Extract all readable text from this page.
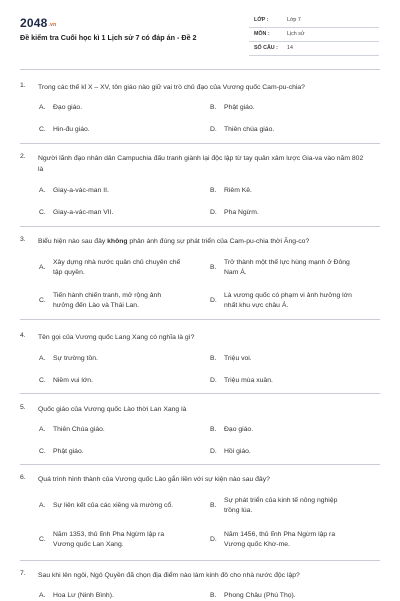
2048.vn
Đề kiểm tra Cuối học kì 1 Lịch sử 7 có đáp án - Đề 2
LỚP :	Lớp 7
MÔN :	Lịch sử
SỐ CÂU : 14
1. Trong các thế kỉ X – XV, tôn giáo nào giữ vai trò chủ đạo của Vương quốc Cam-pu-chia?
A. Đạo giáo.	B. Phật giáo.
C. Hin-đu giáo.	D. Thiên chúa giáo.
2. Người lãnh đạo nhân dân Campuchia đấu tranh giành lại độc lập từ tay quân xâm lược Gia-va vào năm 802 là
A. Giay-a-vác-man II.	B. Riêm Kê.
C. Giay-a-vác-man VII.	D. Pha Ngừm.
3. Biểu hiện nào sau đây không phản ánh đúng sự phát triển của Cam-pu-chia thời Ăng-co?
A.
Xây dựng nhà nước quân chủ chuyên chế tập quyền.
B.
Trở thành một thế lực hùng mạnh ở Đông Nam Á.
C.
Tiến hành chiến tranh, mở rộng ảnh hưởng đến Lào và Thái Lan.
D.
Là vương quốc có phạm vi ảnh hưởng lớn nhất khu vực châu Á.
4. Tên gọi của Vương quốc Lang Xang có nghĩa là gì?
A. Sự trường tồn.	B. Triệu voi.
C. Niềm vui lớn.	D. Triệu mùa xuân.
5. Quốc giáo của Vương quốc Lào thời Lan Xang là
A. Thiên Chúa giáo.	B. Đạo giáo.
C. Phật giáo.	D. Hồi giáo.
6. Quá trình hình thành của Vương quốc Lào gắn liền với sự kiện nào sau đây?
A. Sự liên kết của các xiềng và mường cổ.	B.
Sự phát triển của kinh tế nông nghiệp trồng lúa.
C.
Năm 1353, thủ lĩnh Pha Ngừm lập ra Vương quốc Lan Xang.
D.
Năm 1456, thủ lĩnh Pha Ngừm lập ra Vương quốc Khơ-me.
7. Sau khi lên ngôi, Ngô Quyền đã chọn địa điểm nào làm kinh đô cho nhà nước độc lập?
A. Hoa Lư (Ninh Bình).	B. Phong Châu (Phú Thọ).
